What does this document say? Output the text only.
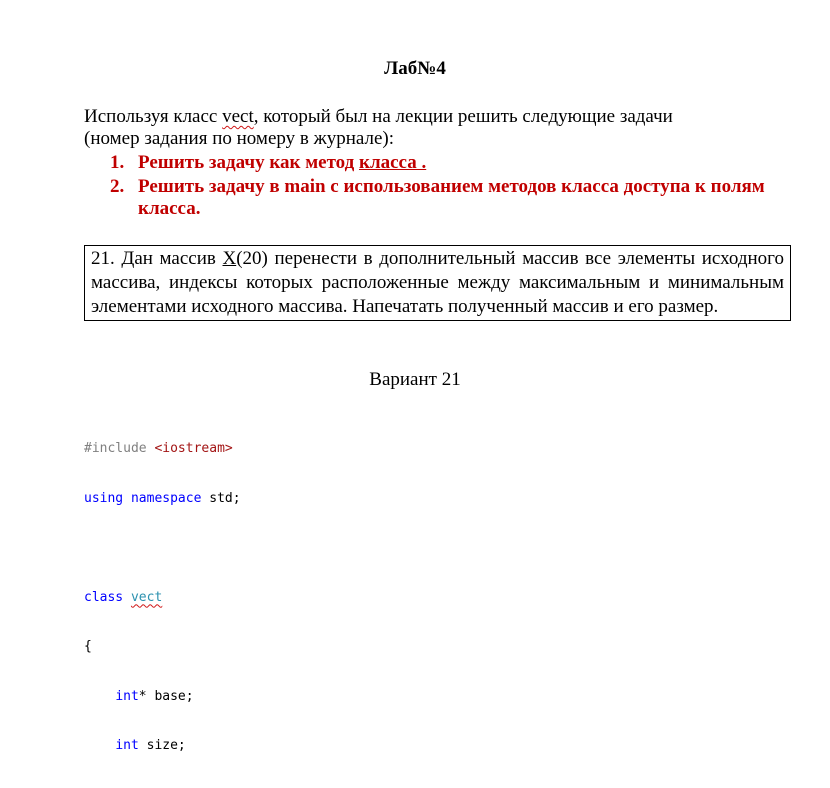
Лаб№4

Используя класс vect, который был на лекции решить следующие задачи

(номер задания по номеру в журнале):

1. Решить задачу как метод класса .
2. Решить задачу в main с использованием методов класса доступа к полям класса.
21. Дан массив X(20) перенести в дополнительный массив все элементы исходного массива, индексы которых расположенные между максимальным и минимальным элементами исходного массива. Напечатать полученный массив и его размер.
Вариант 21

#include <iostream>

using namespace std;

class vect

{

int* base;

int size;
